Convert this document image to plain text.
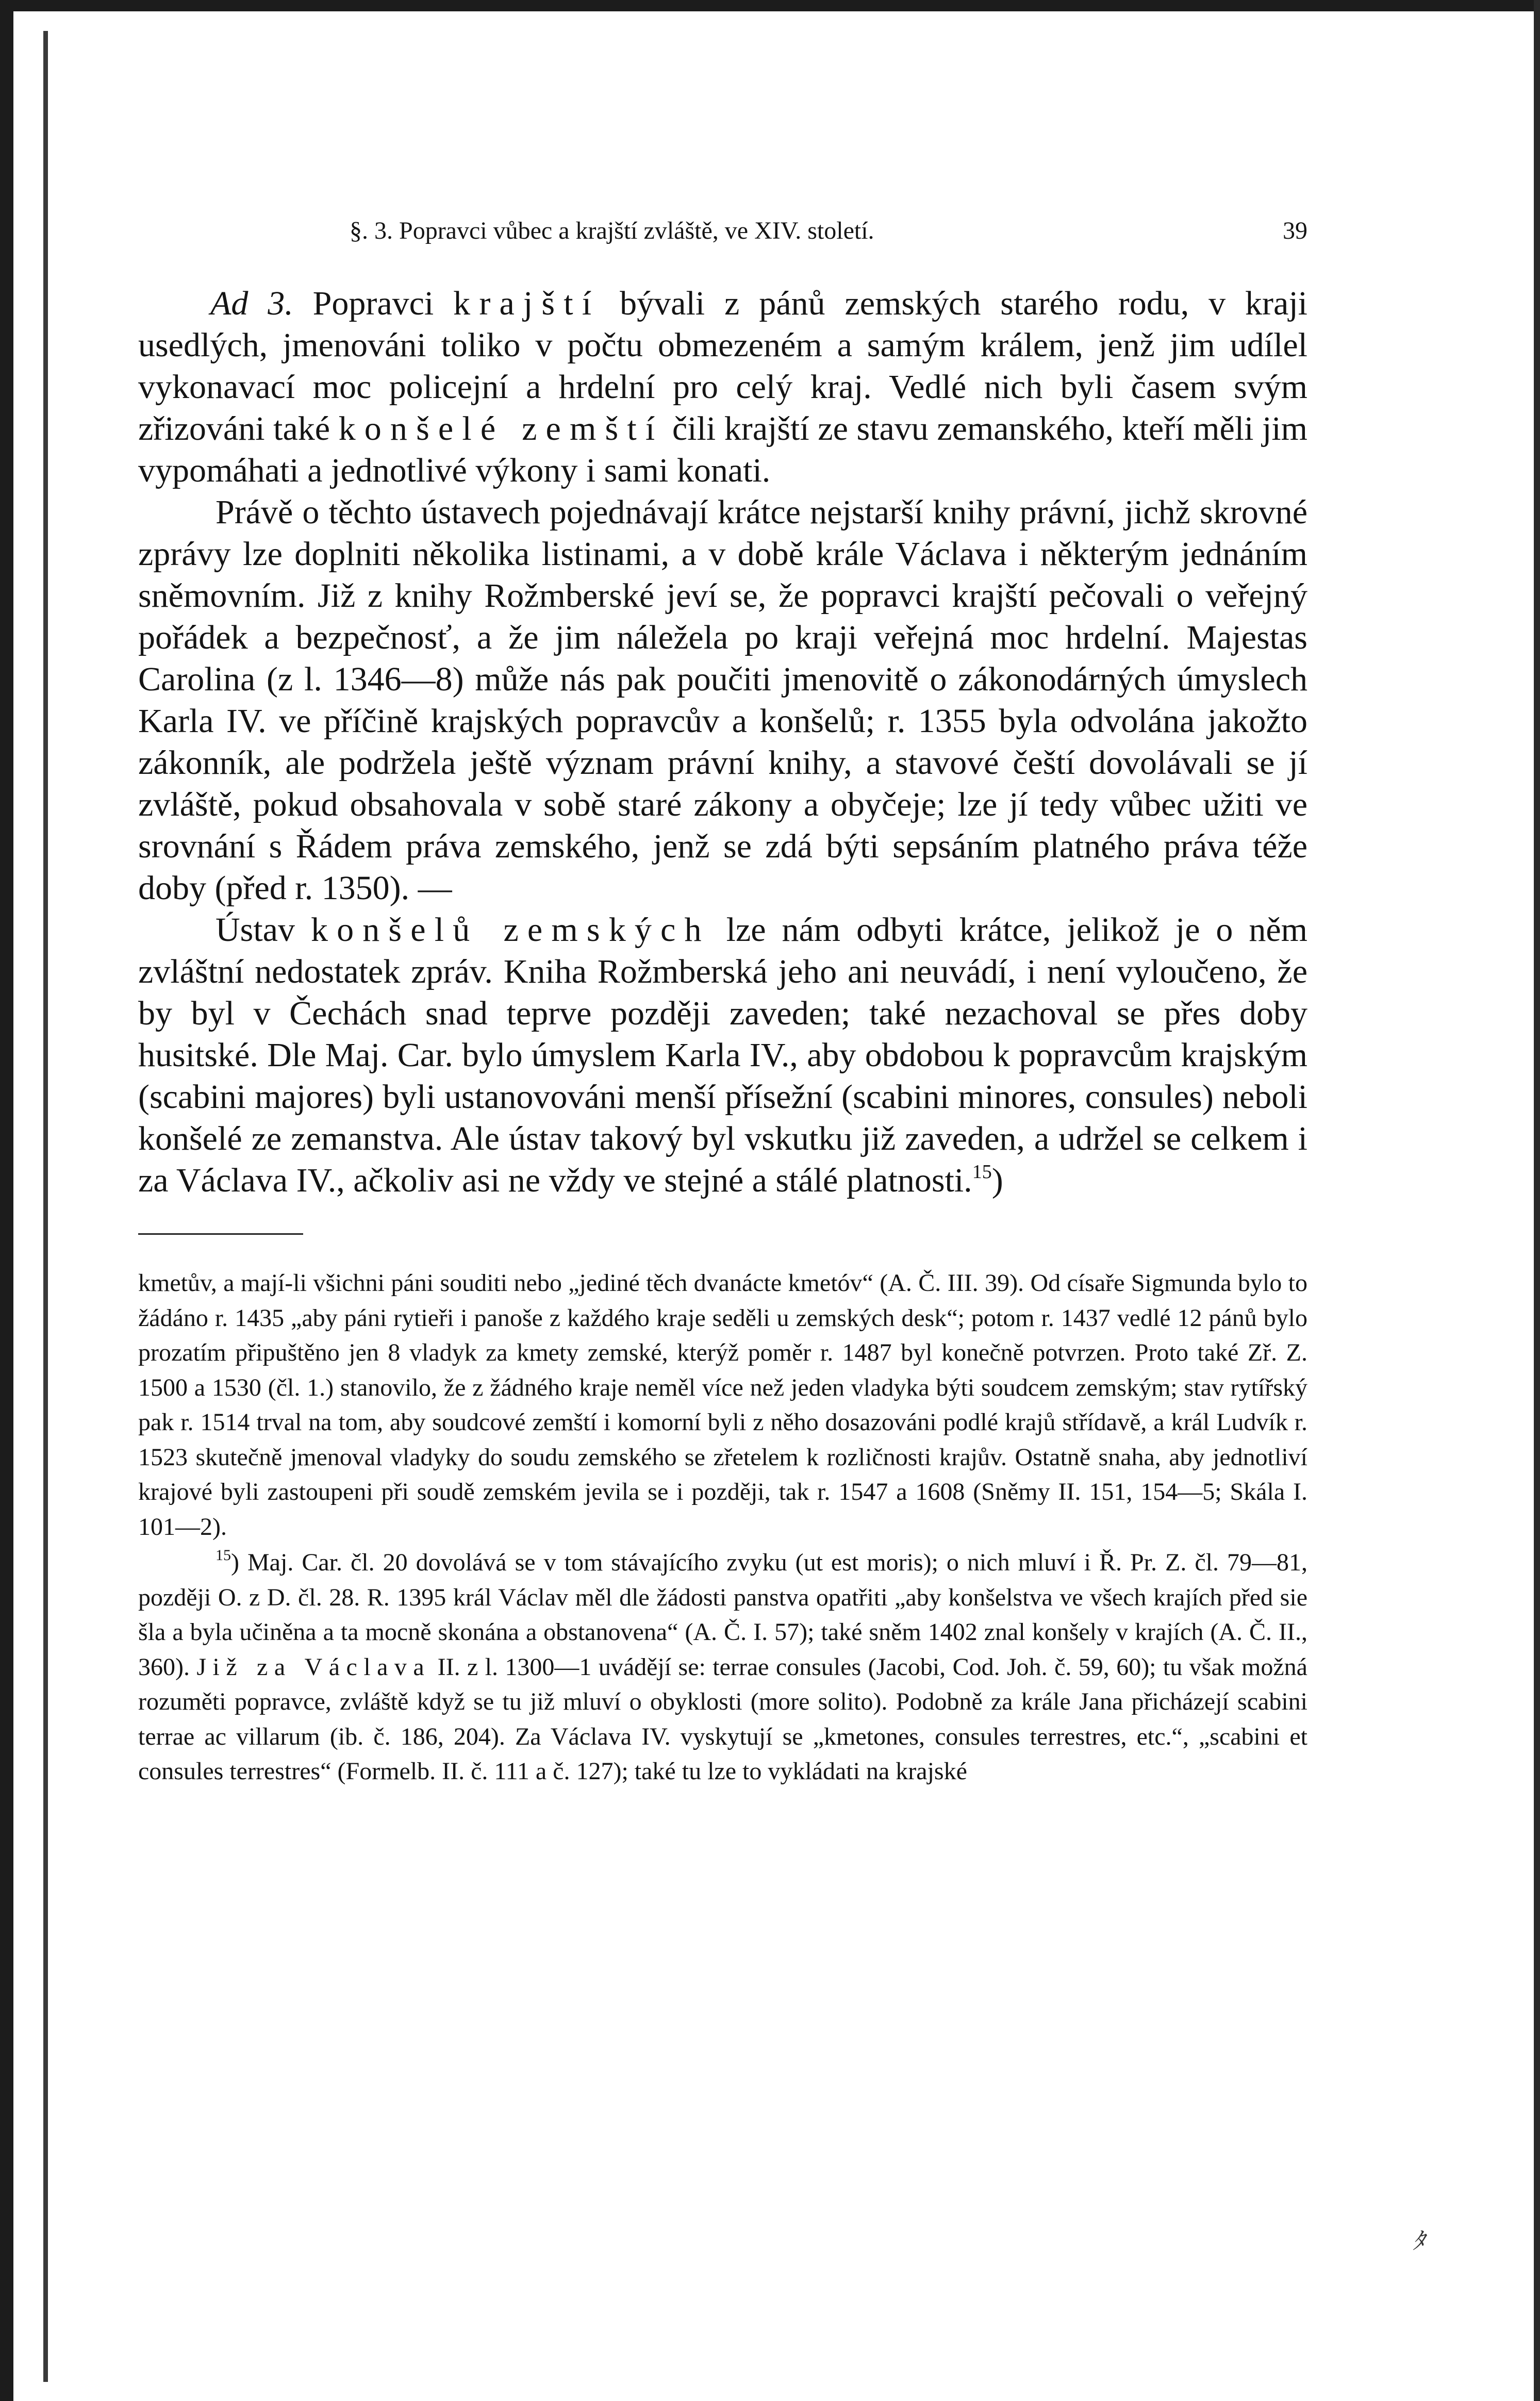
§. 3. Popravci vůbec a krajští zvláště, ve XIV. století.	39

Ad 3. Popravci krajští bývali z pánů zemských starého rodu, v kraji usedlých, jmenováni toliko v počtu obmezeném a samým králem, jenž jim udílel vykonavací moc policejní a hrdelní pro celý kraj. Vedlé nich byli časem svým zřizováni také konšelé zemští čili krajští ze stavu zemanského, kteří měli jim vypomáhati a jednotlivé výkony i sami konati.

Právě o těchto ústavech pojednávají krátce nejstarší knihy právní, jichž skrovné zprávy lze doplniti několika listinami, a v době krále Václava i některým jednáním sněmovním. Již z knihy Rožmberské jeví se, že popravci krajští pečovali o veřejný pořádek a bezpečnosť, a že jim náležela po kraji veřejná moc hrdelní. Majestas Carolina (z l. 1346—8) může nás pak poučiti jmenovitě o zákonodárných úmyslech Karla IV. ve příčině krajských popravcův a konšelů; r. 1355 byla odvolána jakožto zákonník, ale podržela ještě význam právní knihy, a stavové čeští dovolávali se jí zvláště, pokud obsahovala v sobě staré zákony a obyčeje; lze jí tedy vůbec užiti ve srovnání s Řádem práva zemského, jenž se zdá býti sepsáním platného práva téže doby (před r. 1350). —

Ústav konšelů zemských lze nám odbyti krátce, jelikož je o něm zvláštní nedostatek zpráv. Kniha Rožmberská jeho ani neuvádí, i není vyloučeno, že by byl v Čechách snad teprve později zaveden; také nezachoval se přes doby husitské. Dle Maj. Car. bylo úmyslem Karla IV., aby obdobou k popravcům krajským (scabini majores) byli ustanovováni menší přísežní (scabini minores, consules) neboli konšelé ze zemanstva. Ale ústav takový byl vskutku již zaveden, a udržel se celkem i za Václava IV., ačkoliv asi ne vždy ve stejné a stálé platnosti.$^{15}$)

kmetův, a mají-li všichni páni souditi nebo „jediné těch dvanácte kmetóv“ (A. Č. III. 39). Od císaře Sigmunda bylo to žádáno r. 1435 „aby páni rytieři i panoše z každého kraje seděli u zemských desk“; potom r. 1437 vedlé 12 pánů bylo prozatím připuštěno jen 8 vladyk za kmety zemské, kterýž poměr r. 1487 byl konečně potvrzen. Proto také Zř. Z. 1500 a 1530 (čl. 1.) stanovilo, že z žádného kraje neměl více než jeden vladyka býti soudcem zemským; stav rytířský pak r. 1514 trval na tom, aby soudcové zemští i komorní byli z něho dosazováni podlé krajů střídavě, a král Ludvík r. 1523 skutečně jmenoval vladyky do soudu zemského se zřetelem k rozličnosti krajův. Ostatně snaha, aby jednotliví krajové byli zastoupeni při soudě zemském jevila se i později, tak r. 1547 a 1608 (Sněmy II. 151, 154—5; Skála I. 101—2).

$^{15}$) Maj. Car. čl. 20 dovolává se v tom stávajícího zvyku (ut est moris); o nich mluví i Ř. Pr. Z. čl. 79—81, později O. z D. čl. 28. R. 1395 král Václav měl dle žádosti panstva opatřiti „aby konšelstva ve všech krajích před sie šla a byla učiněna a ta mocně skonána a obstanovena“ (A. Č. I. 57); také sněm 1402 znal konšely v krajích (A. Č. II., 360). Již za Václava II. z l. 1300—1 uvádějí se: terrae consules (Jacobi, Cod. Joh. č. 59, 60); tu však možná rozuměti popravce, zvláště když se tu již mluví o obyklosti (more solito). Podobně za krále Jana přicházejí scabini terrae ac villarum (ib. č. 186, 204). Za Václava IV. vyskytují se „kmetones, consules terrestres, etc.“, „scabini et consules terrestres“ (Formelb. II. č. 111 a č. 127); také tu lze to vykládati na krajské

ﾀ
